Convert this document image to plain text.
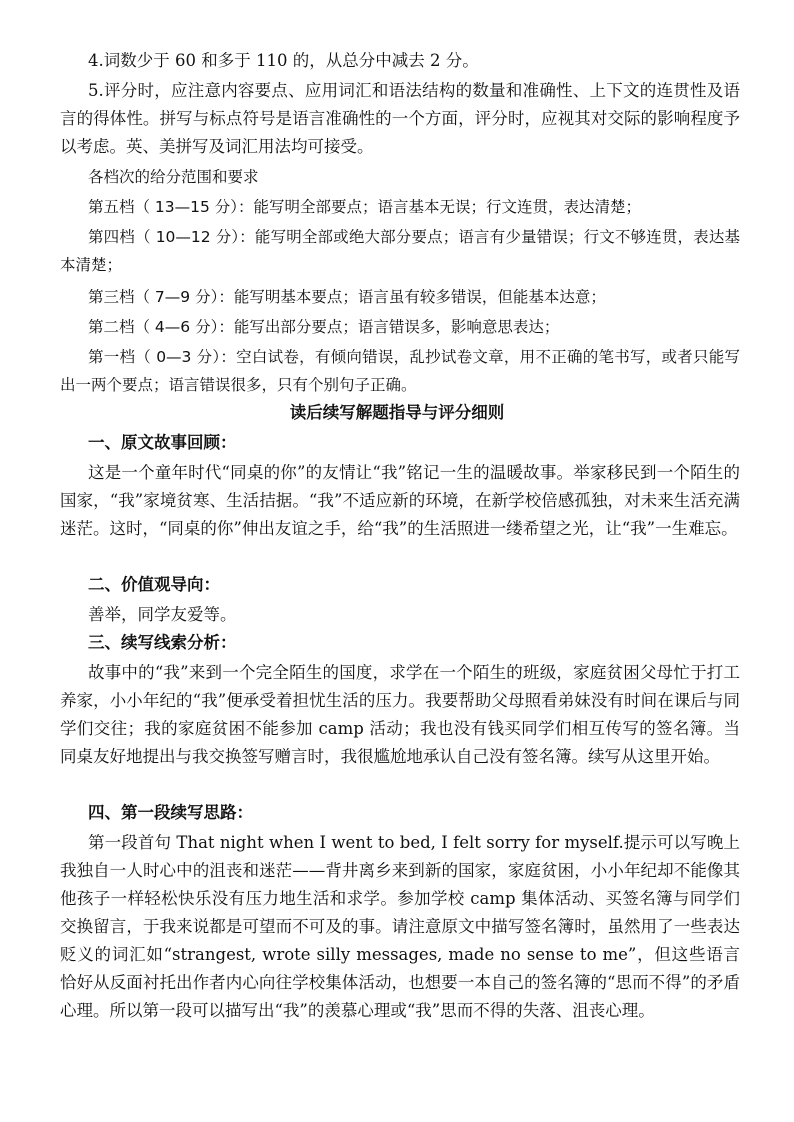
4.词数少于 60 和多于 110 的，从总分中减去 2 分。

5.评分时，应注意内容要点、应用词汇和语法结构的数量和准确性、上下文的连贯性及语言的得体性。拼写与标点符号是语言准确性的一个方面，评分时，应视其对交际的影响程度予以考虑。英、美拼写及词汇用法均可接受。

各档次的给分范围和要求

第五档（ 13—15 分）：能写明全部要点；语言基本无误；行文连贯，表达清楚；

第四档（ 10—12 分）：能写明全部或绝大部分要点；语言有少量错误；行文不够连贯，表达基本清楚；

第三档（ 7—9 分）：能写明基本要点；语言虽有较多错误，但能基本达意；

第二档（ 4—6 分）：能写出部分要点；语言错误多，影响意思表达；

第一档（ 0—3 分）：空白试卷，有倾向错误，乱抄试卷文章，用不正确的笔书写，或者只能写出一两个要点；语言错误很多，只有个别句子正确。

读后续写解题指导与评分细则

一、原文故事回顾：

这是一个童年时代“同桌的你”的友情让“我”铭记一生的温暖故事。举家移民到一个陌生的国家，“我”家境贫寒、生活拮据。“我”不适应新的环境，在新学校倍感孤独，对未来生活充满迷茫。这时，“同桌的你”伸出友谊之手，给“我”的生活照进一缕希望之光，让“我”一生难忘。

二、价值观导向：

善举，同学友爱等。

三、续写线索分析：

故事中的“我”来到一个完全陌生的国度，求学在一个陌生的班级，家庭贫困父母忙于打工养家，小小年纪的“我”便承受着担忧生活的压力。我要帮助父母照看弟妹没有时间在课后与同学们交往；我的家庭贫困不能参加 camp 活动；我也没有钱买同学们相互传写的签名簿。当同桌友好地提出与我交换签写赠言时，我很尴尬地承认自己没有签名簿。续写从这里开始。

四、第一段续写思路：

第一段首句 That night when I went to bed, I felt sorry for myself.提示可以写晚上我独自一人时心中的沮丧和迷茫——背井离乡来到新的国家，家庭贫困，小小年纪却不能像其他孩子一样轻松快乐没有压力地生活和求学。参加学校 camp 集体活动、买签名簿与同学们交换留言，于我来说都是可望而不可及的事。请注意原文中描写签名簿时，虽然用了一些表达贬义的词汇如“strangest, wrote silly messages, made no sense to me”，但这些语言恰好从反面衬托出作者内心向往学校集体活动，也想要一本自己的签名簿的“思而不得”的矛盾心理。所以第一段可以描写出“我”的羡慕心理或“我”思而不得的失落、沮丧心理。
